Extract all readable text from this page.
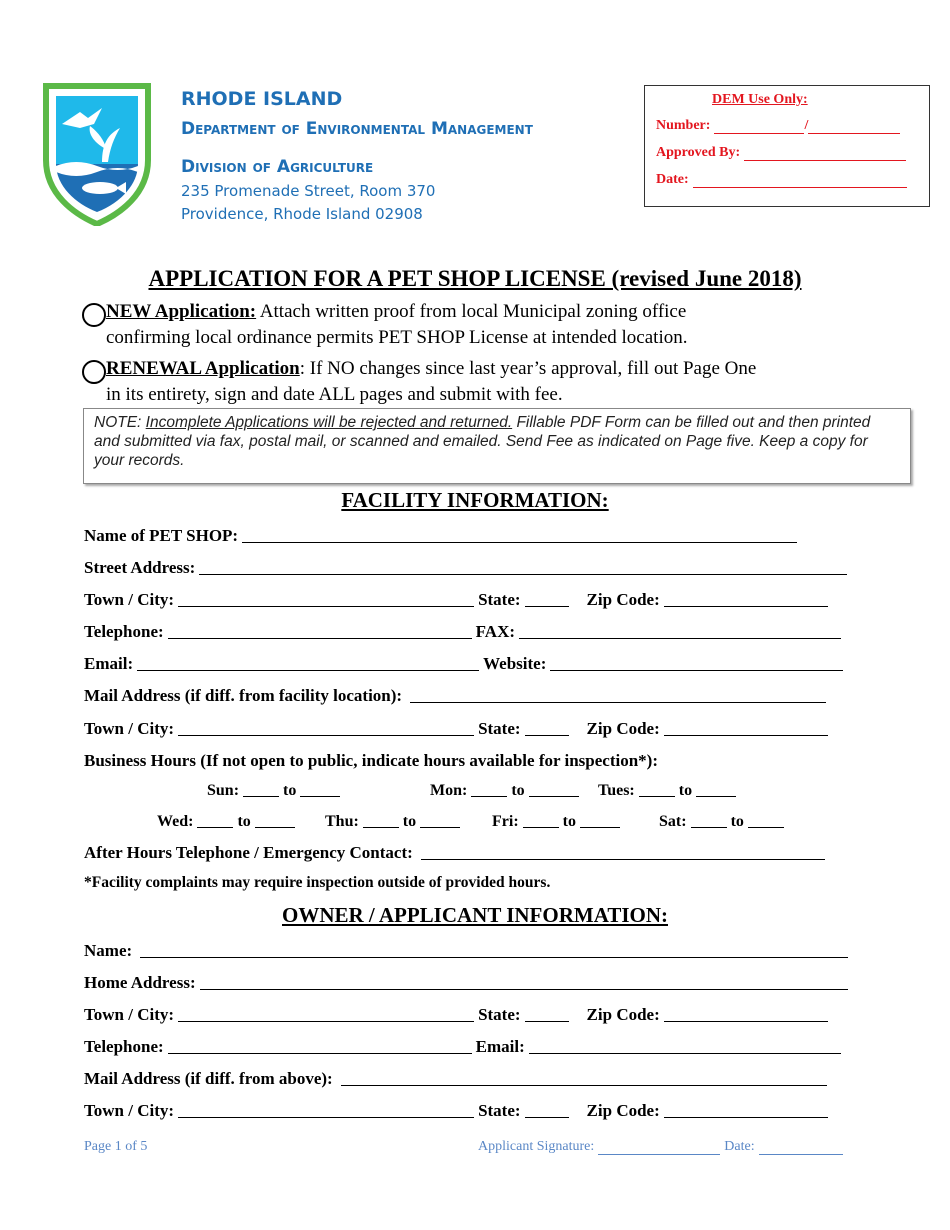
RHODE ISLAND
Department of Environmental Management
Division of Agriculture
235 Promenade Street, Room 370
Providence, Rhode Island 02908
DEM Use Only:
Number:	/
Approved By:
Date:
APPLICATION FOR A PET SHOP LICENSE (revised June 2018)
NEW Application: Attach written proof from local Municipal zoning office
confirming local ordinance permits PET SHOP License at intended location.
RENEWAL Application: If NO changes since last year’s approval, fill out Page One
in its entirety, sign and date ALL pages and submit with fee.
NOTE: Incomplete Applications will be rejected and returned. Fillable PDF Form can be filled out and then printed and submitted via fax, postal mail, or scanned and emailed. Send Fee as indicated on Page five. Keep a copy for your records.
FACILITY INFORMATION:
Name of PET SHOP:
Street Address:
Town / City:	State:	Zip Code:
Telephone:	FAX:
Email:	Website:
Mail Address (if diff. from facility location):
Town / City:	State:	Zip Code:
Business Hours (If not open to public, indicate hours available for inspection*):
Sun:	to	Mon:	to	Tues:	to
Wed:	to	Thu:	to	Fri:	to	Sat:	to
After Hours Telephone / Emergency Contact:
*Facility complaints may require inspection outside of provided hours.
OWNER / APPLICANT INFORMATION:
Name:
Home Address:
Town / City:	State:	Zip Code:
Telephone:	Email:
Mail Address (if diff. from above):
Town / City:	State:	Zip Code:
Page 1 of 5	Applicant Signature:	Date:
